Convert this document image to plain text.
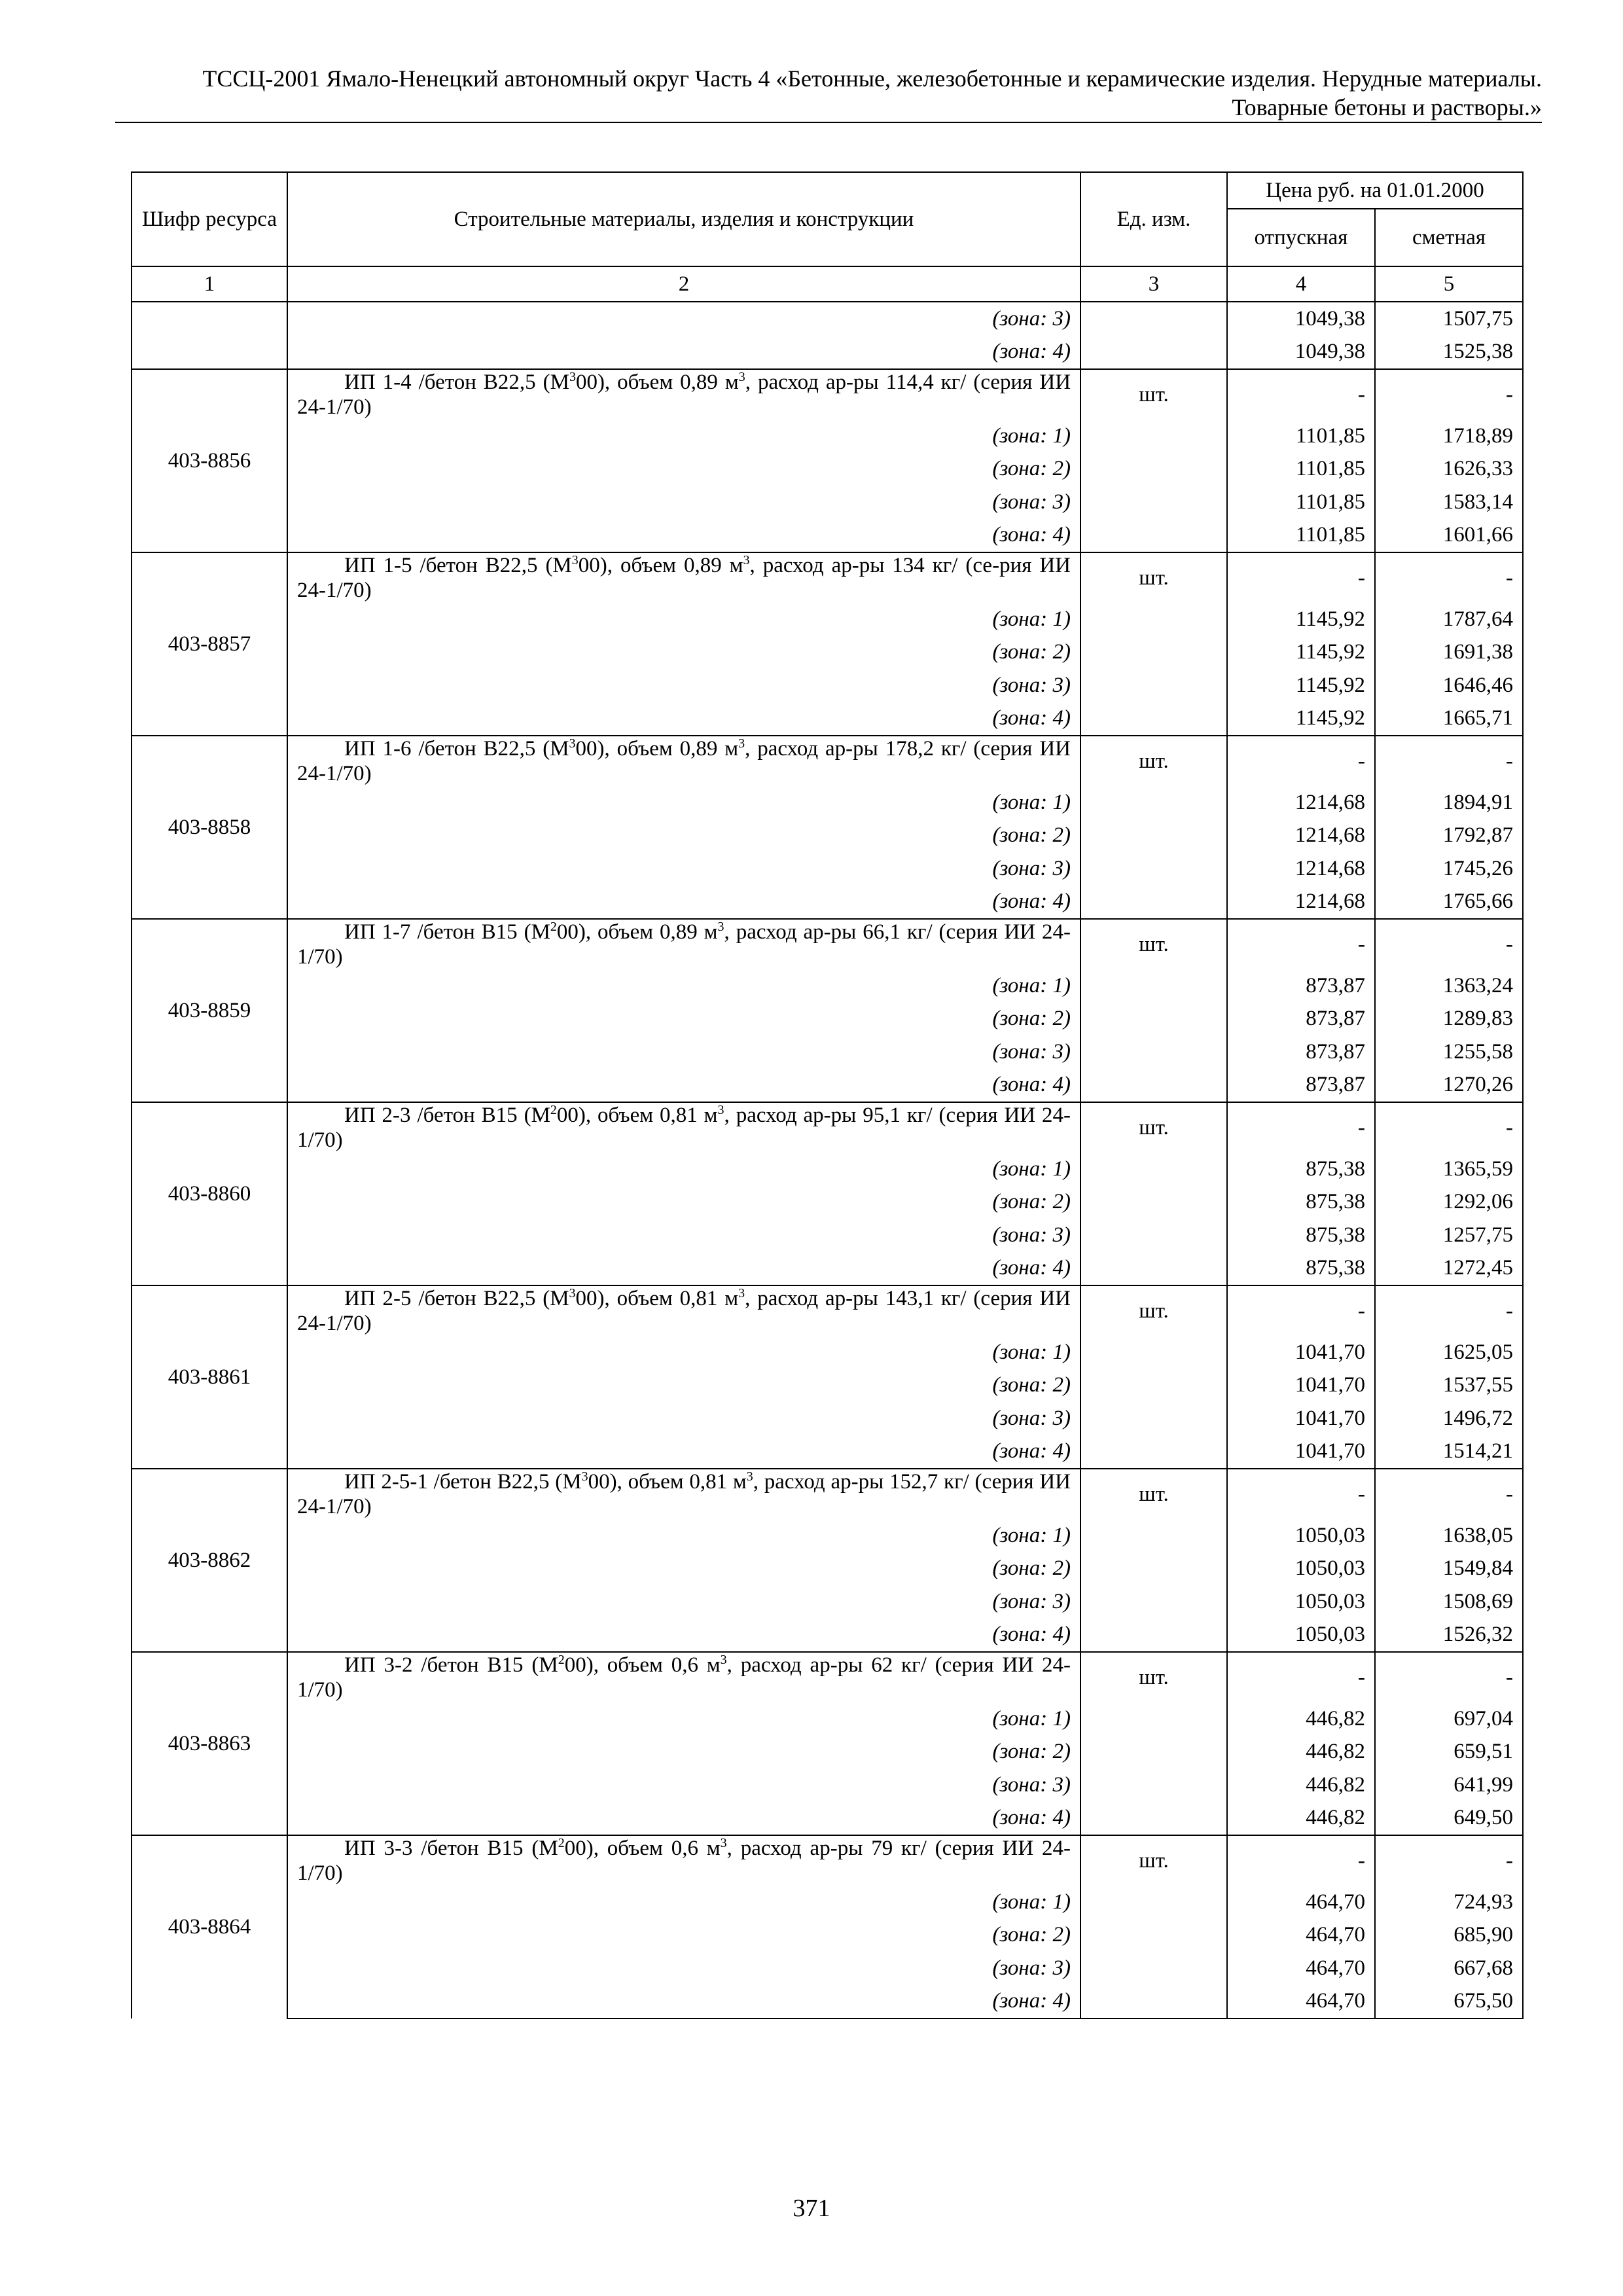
ТССЦ-2001 Ямало-Ненецкий автономный округ Часть 4 «Бетонные, железобетонные и керамические изделия. Нерудные материалы.
Товарные бетоны и растворы.»
Шифр ресурса	Строительные материалы, изделия и конструкции	Ед. изм.	Цена руб. на 01.01.2000	
			отпускная	сметная
1	2	3	4	5
	(зона: 3)		1049,38	1507,75
	(зона: 4)		1049,38	1525,38
403-8856	ИП 1-4 /бетон В22,5 $(М^300)$, объем 0,89 $м^3$, расход ар-ры 114,4 кг/ (серия ИИ 24-1/70)	шт.	-	-
	(зона: 1)		1101,85	1718,89
	(зона: 2)		1101,85	1626,33
	(зона: 3)		1101,85	1583,14
	(зона: 4)		1101,85	1601,66
403-8857	ИП 1-5 /бетон В22,5 $(М^300)$, объем 0,89 $м^3$, расход ар-ры 134 кг/ (се-рия ИИ 24-1/70)	шт.	-	-
	(зона: 1)		1145,92	1787,64
	(зона: 2)		1145,92	1691,38
	(зона: 3)		1145,92	1646,46
	(зона: 4)		1145,92	1665,71
403-8858	ИП 1-6 /бетон В22,5 $(М^300)$, объем 0,89 $м^3$, расход ар-ры 178,2 кг/ (серия ИИ 24-1/70)	шт.	-	-
	(зона: 1)		1214,68	1894,91
	(зона: 2)		1214,68	1792,87
	(зона: 3)		1214,68	1745,26
	(зона: 4)		1214,68	1765,66
403-8859	ИП 1-7 /бетон В15 $(М^200)$, объем 0,89 $м^3$, расход ар-ры 66,1 кг/ (серия ИИ 24-1/70)	шт.	-	-
	(зона: 1)		873,87	1363,24
	(зона: 2)		873,87	1289,83
	(зона: 3)		873,87	1255,58
	(зона: 4)		873,87	1270,26
403-8860	ИП 2-3 /бетон В15 $(М^200)$, объем 0,81 $м^3$, расход ар-ры 95,1 кг/ (серия ИИ 24-1/70)	шт.	-	-
	(зона: 1)		875,38	1365,59
	(зона: 2)		875,38	1292,06
	(зона: 3)		875,38	1257,75
	(зона: 4)		875,38	1272,45
403-8861	ИП 2-5 /бетон В22,5 $(М^300)$, объем 0,81 $м^3$, расход ар-ры 143,1 кг/ (серия ИИ 24-1/70)	шт.	-	-
	(зона: 1)		1041,70	1625,05
	(зона: 2)		1041,70	1537,55
	(зона: 3)		1041,70	1496,72
	(зона: 4)		1041,70	1514,21
403-8862	ИП 2-5-1 /бетон В22,5 $(М^300)$, объем 0,81 $м^3$, расход ар-ры 152,7 кг/ (серия ИИ 24-1/70)	шт.	-	-
	(зона: 1)		1050,03	1638,05
	(зона: 2)		1050,03	1549,84
	(зона: 3)		1050,03	1508,69
	(зона: 4)		1050,03	1526,32
403-8863	ИП 3-2 /бетон В15 $(М^200)$, объем 0,6 $м^3$, расход ар-ры 62 кг/ (серия ИИ 24-1/70)	шт.	-	-
	(зона: 1)		446,82	697,04
	(зона: 2)		446,82	659,51
	(зона: 3)		446,82	641,99
	(зона: 4)		446,82	649,50
403-8864	ИП 3-3 /бетон В15 $(М^200)$, объем 0,6 $м^3$, расход ар-ры 79 кг/ (серия ИИ 24-1/70)	шт.	-	-
	(зона: 1)		464,70	724,93
	(зона: 2)		464,70	685,90
	(зона: 3)		464,70	667,68
	(зона: 4)		464,70	675,50
371
